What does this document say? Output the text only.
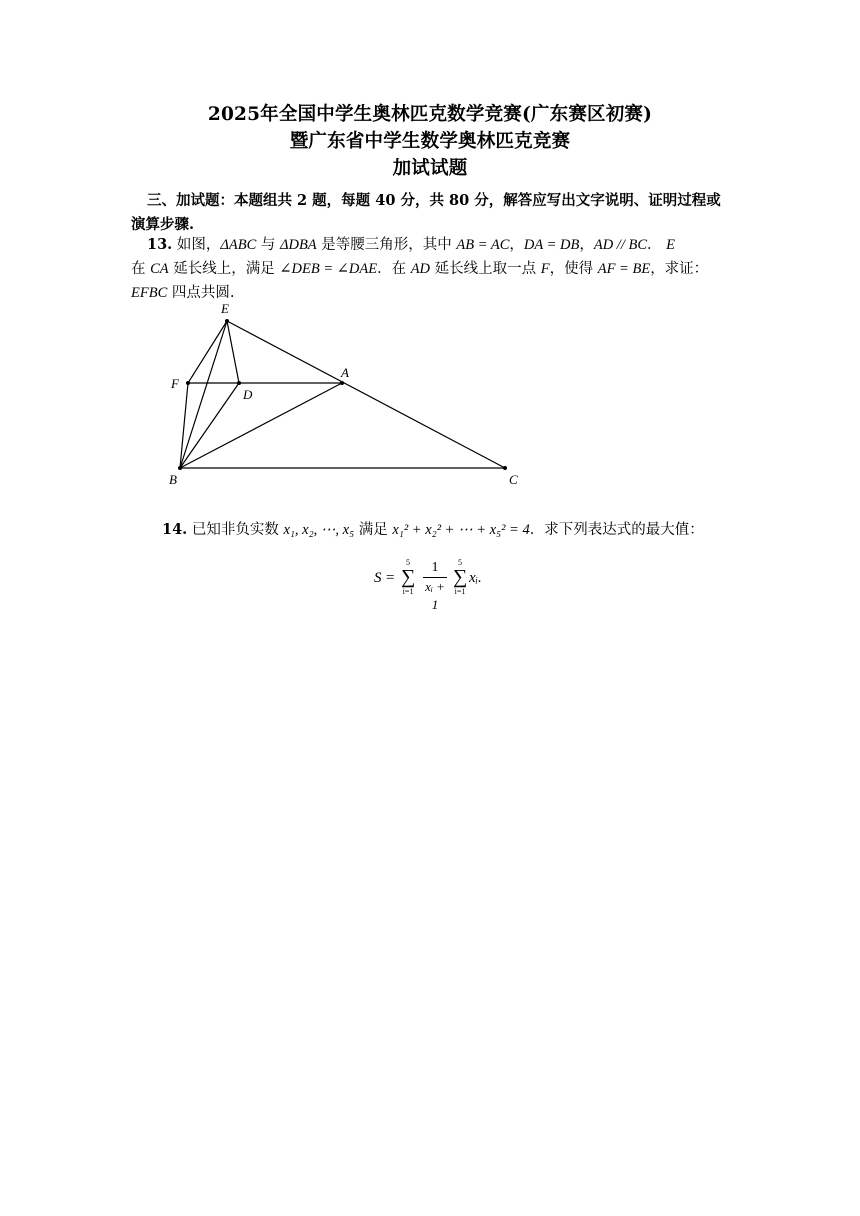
2025年全国中学生奥林匹克数学竞赛(广东赛区初赛)
暨广东省中学生数学奥林匹克竞赛
加试试题
三、加试题：本题组共 2 题，每题 40 分，共 80 分，解答应写出文字说明、证明过程或
演算步骤.
13. 如图，ΔABC 与 ΔDBA 是等腰三角形，其中 AB = AC，DA = DB，AD // BC． E
在 CA 延长线上，满足 ∠DEB = ∠DAE．在 AD 延长线上取一点 F，使得 AF = BE，求证：
EFBC 四点共圆.
E
F
D
A
B	C
14. 已知非负实数 x₁, x₂, ⋯, x₅ 满足 x₁² + x₂² + ⋯ + x₅² = 4．求下列表达式的最大值：
S =
5
∑
i=1
1
xᵢ + 1
5
∑
i=1
xᵢ.
